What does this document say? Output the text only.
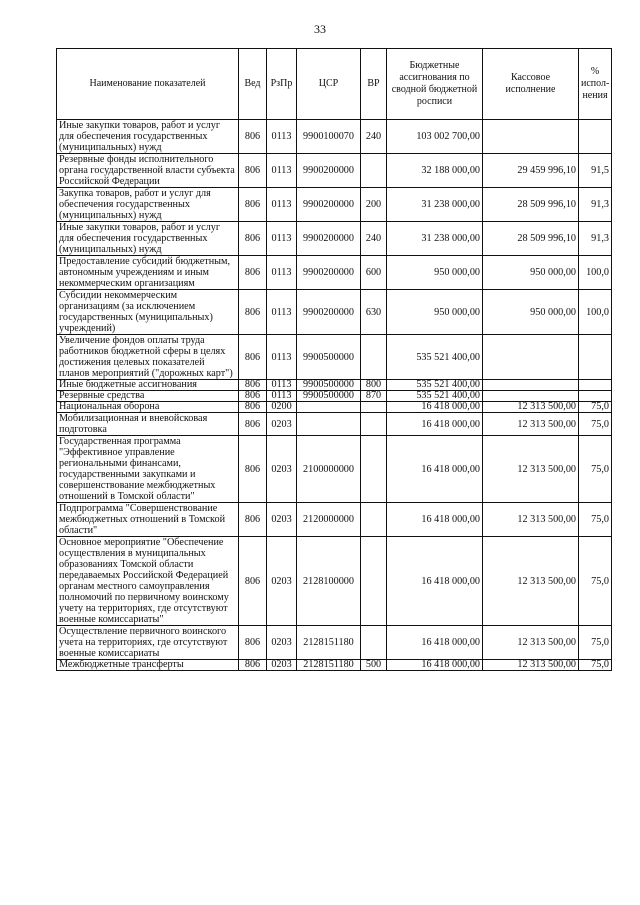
33
Наименование показателей	Вед	РзПр	ЦСР	ВР	Бюджетные ассигнования по сводной бюджетной росписи	Кассовое исполнение	% испол-нения
Иные закупки товаров, работ и услуг для обеспечения государственных (муниципальных) нужд	806	0113	9900100070	240	103 002 700,00		
Резервные фонды исполнительного органа государственной власти субъекта Российской Федерации	806	0113	9900200000		32 188 000,00	29 459 996,10	91,5
Закупка товаров, работ и услуг для обеспечения государственных (муниципальных) нужд	806	0113	9900200000	200	31 238 000,00	28 509 996,10	91,3
Иные закупки товаров, работ и услуг для обеспечения государственных (муниципальных) нужд	806	0113	9900200000	240	31 238 000,00	28 509 996,10	91,3
Предоставление субсидий бюджетным, автономным учреждениям и иным некоммерческим организациям	806	0113	9900200000	600	950 000,00	950 000,00	100,0
Субсидии некоммерческим организациям (за исключением государственных (муниципальных) учреждений)	806	0113	9900200000	630	950 000,00	950 000,00	100,0
Увеличение фондов оплаты труда работников бюджетной сферы в целях достижения целевых показателей планов мероприятий ("дорожных карт")	806	0113	9900500000		535 521 400,00		
Иные бюджетные ассигнования	806	0113	9900500000	800	535 521 400,00		
Резервные средства	806	0113	9900500000	870	535 521 400,00		
Национальная оборона	806	0200			16 418 000,00	12 313 500,00	75,0
Мобилизационная и вневойсковая подготовка	806	0203			16 418 000,00	12 313 500,00	75,0
Государственная программа "Эффективное управление региональными финансами, государственными закупками и совершенствование межбюджетных отношений в Томской области"	806	0203	2100000000		16 418 000,00	12 313 500,00	75,0
Подпрограмма "Совершенствование межбюджетных отношений в Томской области"	806	0203	2120000000		16 418 000,00	12 313 500,00	75,0
Основное мероприятие "Обеспечение осуществления в муниципальных образованиях Томской области передаваемых Российской Федерацией органам местного самоуправления полномочий по первичному воинскому учету на территориях, где отсутствуют военные комиссариаты"	806	0203	2128100000		16 418 000,00	12 313 500,00	75,0
Осуществление первичного воинского учета на территориях, где отсутствуют военные комиссариаты	806	0203	2128151180		16 418 000,00	12 313 500,00	75,0
Межбюджетные трансферты	806	0203	2128151180	500	16 418 000,00	12 313 500,00	75,0
